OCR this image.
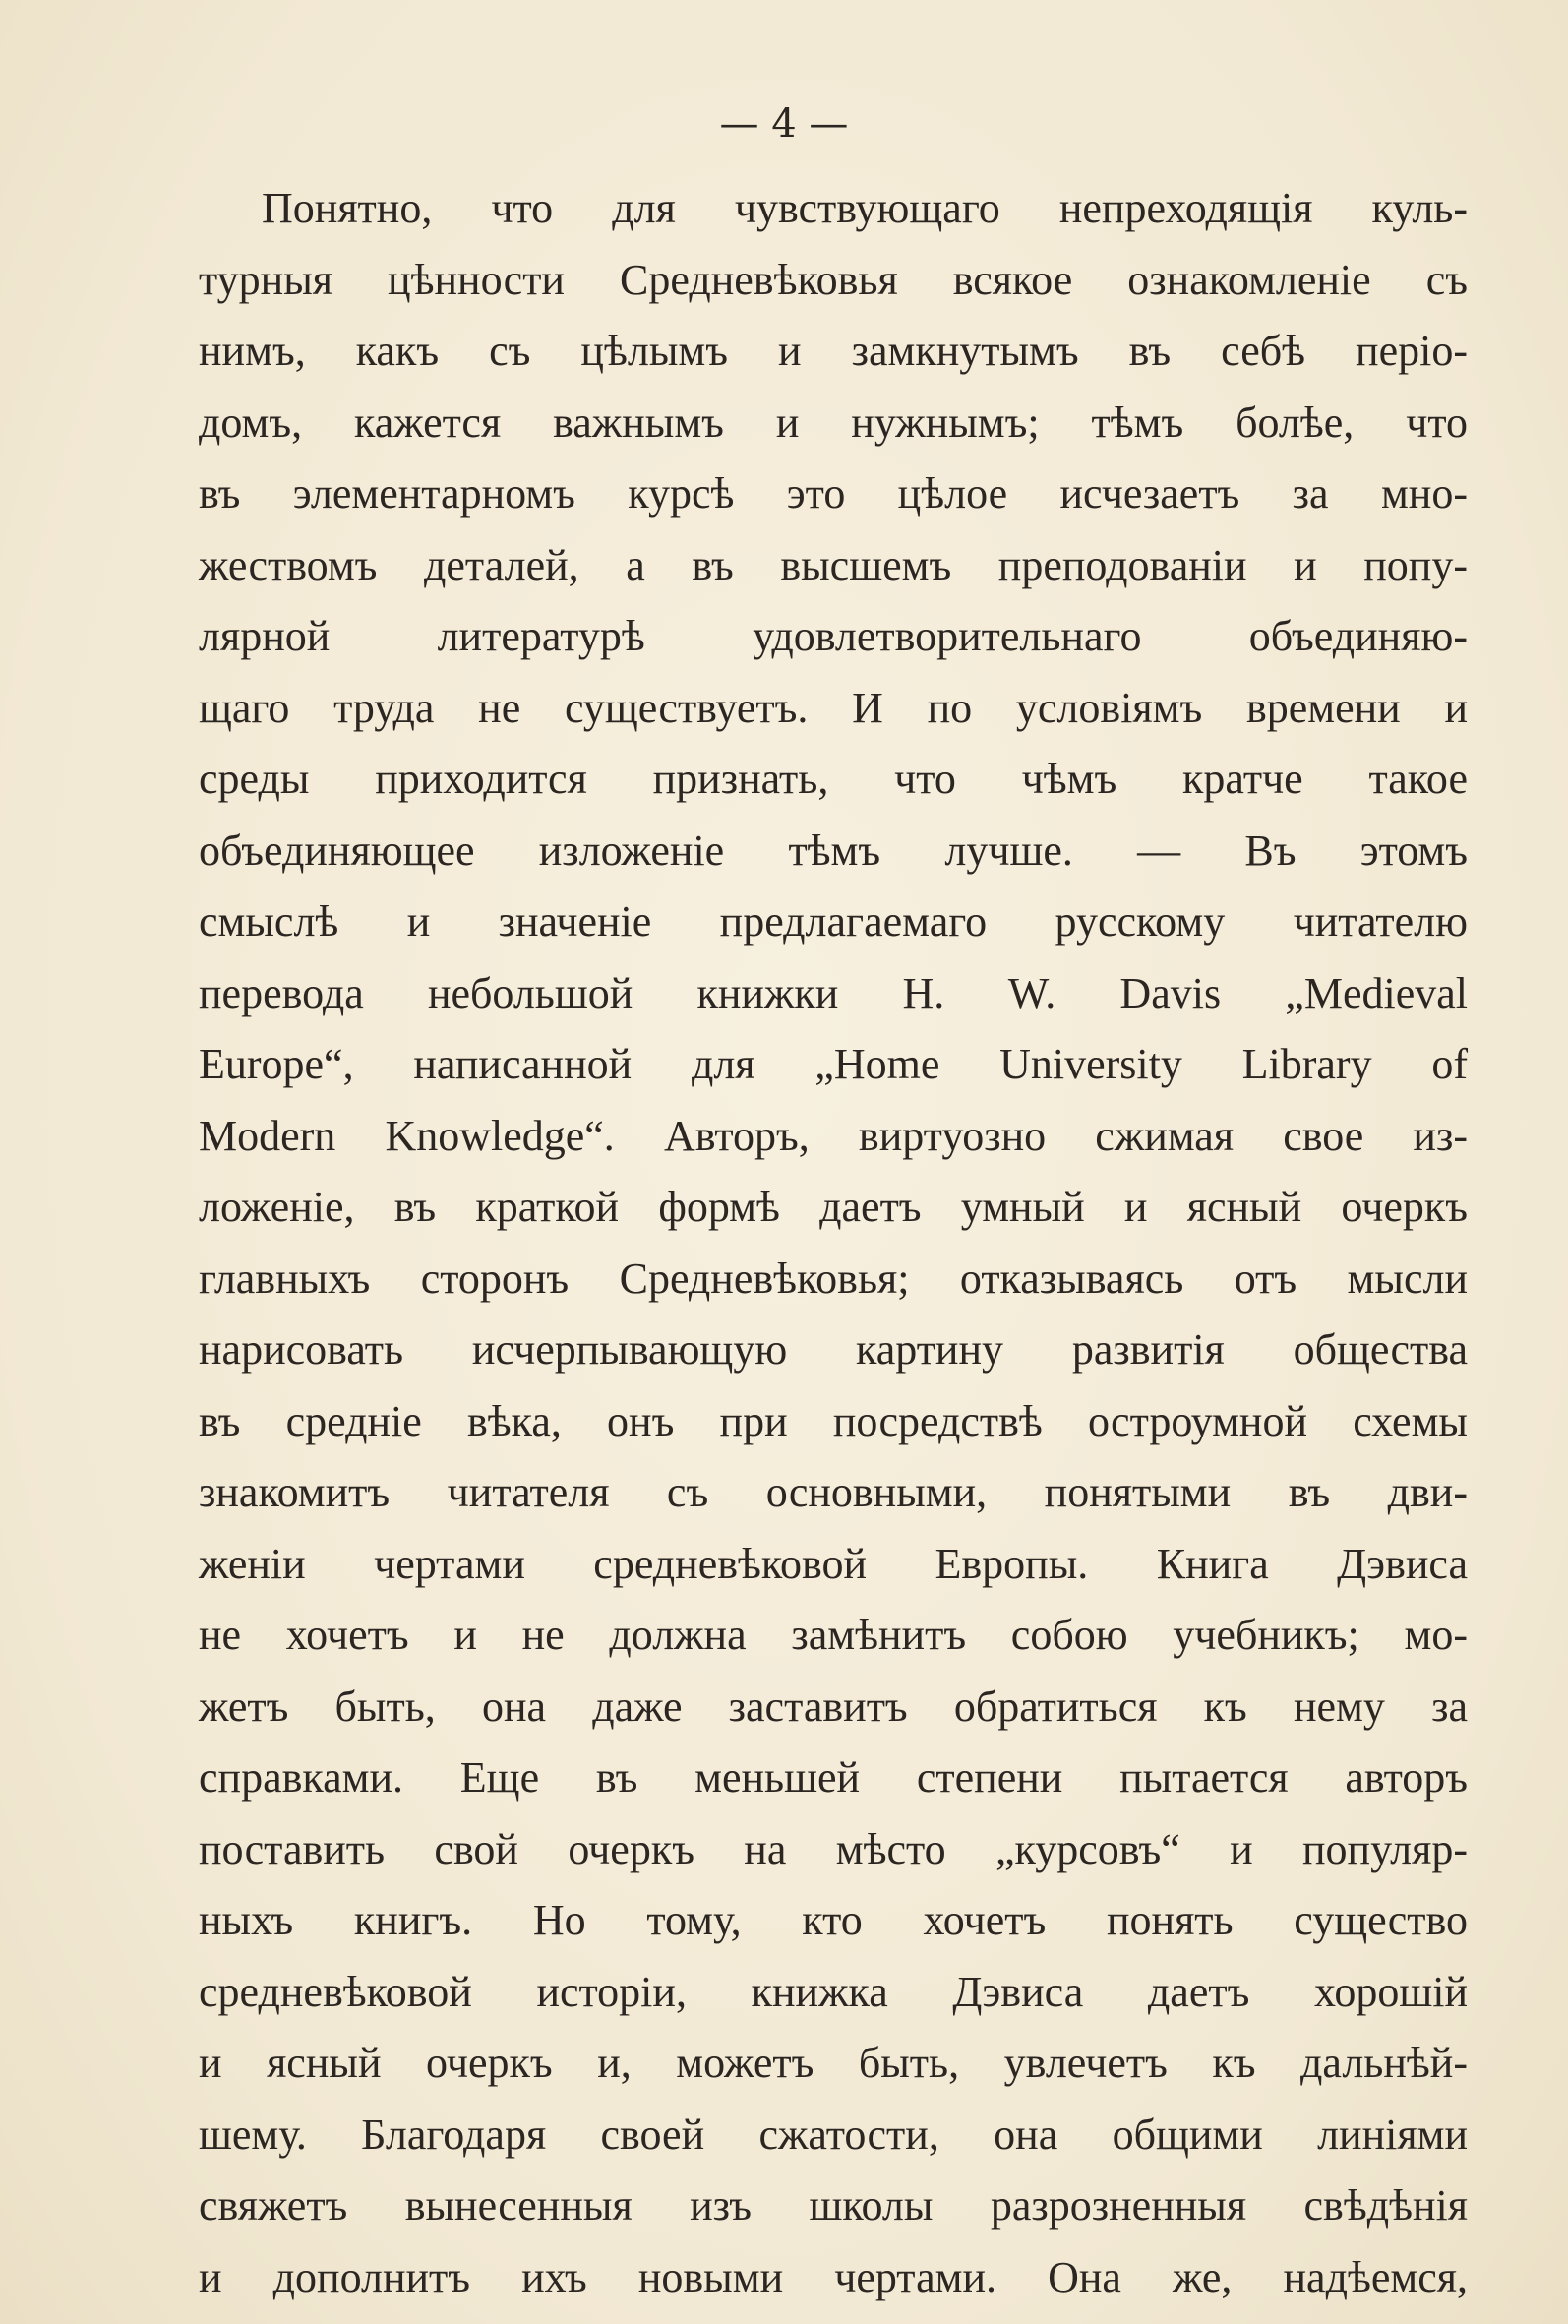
— 4 —
Понятно, что для чувствующаго непреходящія куль-
турныя цѣнности Средневѣковья всякое ознакомленіе съ
нимъ, какъ съ цѣлымъ и замкнутымъ въ себѣ періо-
домъ, кажется важнымъ и нужнымъ; тѣмъ болѣе, что
въ элементарномъ курсѣ это цѣлое исчезаетъ за мно-
жествомъ деталей, а въ высшемъ преподованіи и попу-
лярной литературѣ удовлетворительнаго объединяю-
щаго труда не существуетъ. И по условіямъ времени и
среды приходится признать, что чѣмъ кратче такое
объединяющее изложеніе тѣмъ лучше. — Въ этомъ
смыслѣ и значеніе предлагаемаго русскому читателю
перевода небольшой книжки H. W. Davis „Medieval
Europe“, написанной для „Home University Library of
Modern Knowledge“. Авторъ, виртуозно сжимая свое из-
ложеніе, въ краткой формѣ даетъ умный и ясный очеркъ
главныхъ сторонъ Средневѣковья; отказываясь отъ мысли
нарисовать исчерпывающую картину развитія общества
въ средніе вѣка, онъ при посредствѣ остроумной схемы
знакомитъ читателя съ основными, понятыми въ дви-
женіи чертами средневѣковой Европы. Книга Дэвиса
не хочетъ и не должна замѣнитъ собою учебникъ; мо-
жетъ быть, она даже заставитъ обратиться къ нему за
справками. Еще въ меньшей степени пытается авторъ
поставить свой очеркъ на мѣсто „курсовъ“ и популяр-
ныхъ книгъ. Но тому, кто хочетъ понять существо
средневѣковой исторіи, книжка Дэвиса даетъ хорошій
и ясный очеркъ и, можетъ быть, увлечетъ къ дальнѣй-
шему. Благодаря своей сжатости, она общими линіями
свяжетъ вынесенныя изъ школы разрозненныя свѣдѣнія
и дополнитъ ихъ новыми чертами. Она же, надѣемся,
